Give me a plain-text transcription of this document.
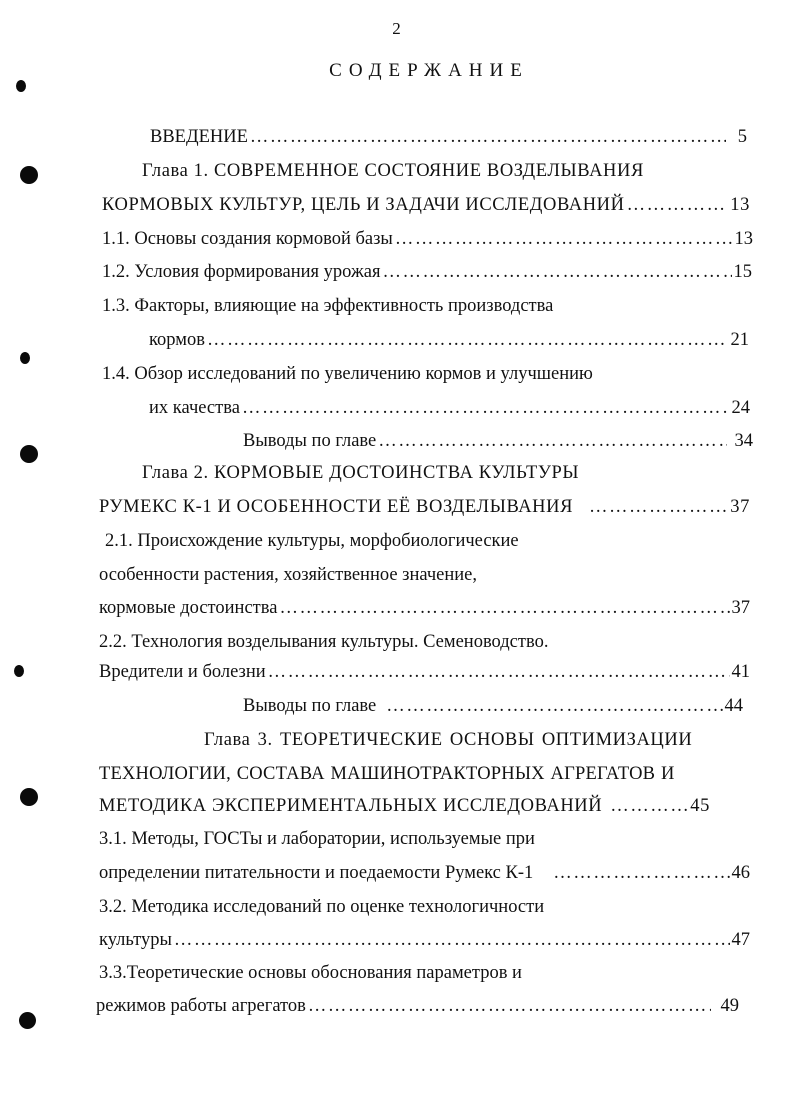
2
СОДЕРЖАНИЕ
ВВЕДЕНИЕ …………………………………………………………………………………………………………………………………………………………	5
Глава 1. СОВРЕМЕННОЕ СОСТОЯНИЕ ВОЗДЕЛЫВАНИЯ
КОРМОВЫХ КУЛЬТУР, ЦЕЛЬ И ЗАДАЧИ ИССЛЕДОВАНИЙ …………………………………………………………………………………………………………………………………………………………	13
1.1. Основы создания кормовой базы …………………………………………………………………………………………………………………………………………………………	13
1.2. Условия формирования урожая …………………………………………………………………………………………………………………………………………………………	15
1.3. Факторы, влияющие на эффективность производства
кормов …………………………………………………………………………………………………………………………………………………………	21
1.4. Обзор исследований по увеличению кормов и улучшению
их качества …………………………………………………………………………………………………………………………………………………………	24
Выводы по главе …………………………………………………………………………………………………………………………………………………………	34
Глава 2. КОРМОВЫЕ ДОСТОИНСТВА КУЛЬТУРЫ
РУМЕКС К-1 И ОСОБЕННОСТИ ЕЁ ВОЗДЕЛЫВАНИЯ …………………………………………………………………………………………………………………………………………………………	37
2.1. Происхождение культуры, морфобиологические
особенности растения, хозяйственное значение,
кормовые достоинства …………………………………………………………………………………………………………………………………………………………	37
2.2. Технология возделывания культуры. Семеноводство.
Вредители и болезни …………………………………………………………………………………………………………………………………………………………	41
Выводы по главе …………………………………………………………………………………………………………………………………………………………	44
Глава 3. ТЕОРЕТИЧЕСКИЕ ОСНОВЫ ОПТИМИЗАЦИИ
ТЕХНОЛОГИИ, СОСТАВА МАШИНОТРАКТОРНЫХ АГРЕГАТОВ И
МЕТОДИКА ЭКСПЕРИМЕНТАЛЬНЫХ ИССЛЕДОВАНИЙ …………………………………………………………………………………………………………………………………………………………	45
3.1. Методы, ГОСТы и лаборатории, используемые при
определении питательности и поедаемости Румекс К-1 …………………………………………………………………………………………………………………………………………………………	46
3.2. Методика исследований по оценке технологичности
культуры …………………………………………………………………………………………………………………………………………………………	47
3.3.Теоретические основы обоснования параметров и
режимов работы агрегатов …………………………………………………………………………………………………………………………………………………………	49
